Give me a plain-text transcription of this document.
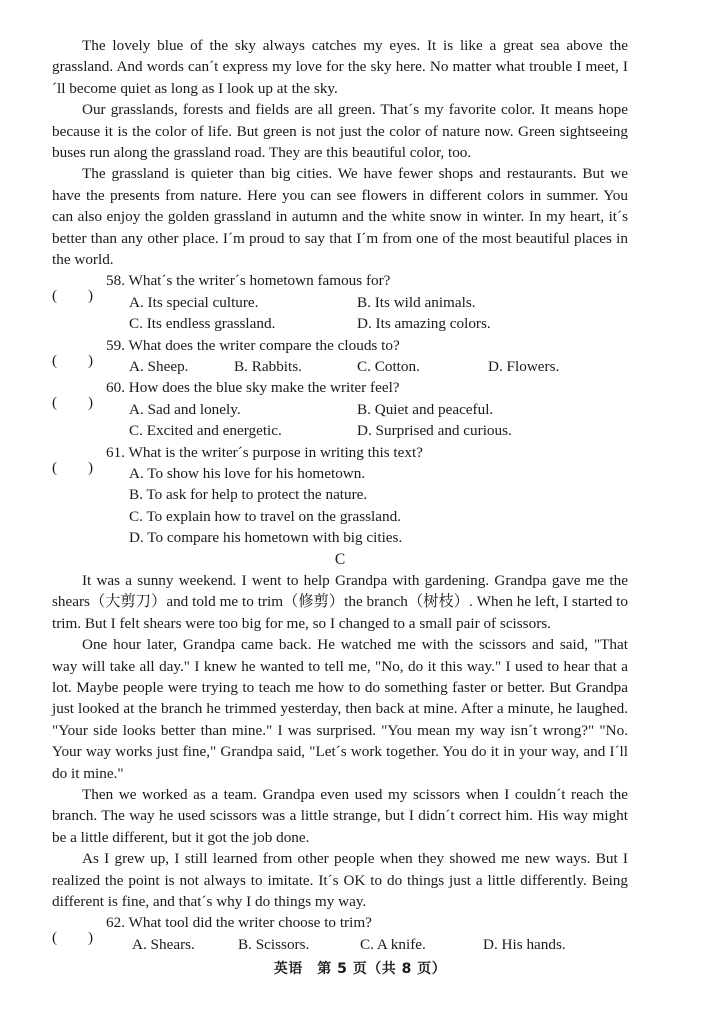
The lovely blue of the sky always catches my eyes. It is like a great sea above the grassland. And words can´t express my love for the sky here. No matter what trouble I meet, I´ll become quiet as long as I look up at the sky.

Our grasslands, forests and fields are all green. That´s my favorite color. It means hope because it is the color of life. But green is not just the color of nature now. Green sightseeing buses run along the grassland road. They are this beautiful color, too.

The grassland is quieter than big cities. We have fewer shops and restaurants. But we have the presents from nature. Here you can see flowers in different colors in summer. You can also enjoy the golden grassland in autumn and the white snow in winter. In my heart, it´s better than any other place. I´m proud to say that I´m from one of the most beautiful places in the world.

( )
58. What´s the writer´s hometown famous for?
A. Its special culture.	B. Its wild animals.
C. Its endless grassland.	D. Its amazing colors.
( )
59. What does the writer compare the clouds to?
A. Sheep.	B. Rabbits.	C. Cotton.	D. Flowers.
( )
60. How does the blue sky make the writer feel?
A. Sad and lonely.	B. Quiet and peaceful.
C. Excited and energetic.	D. Surprised and curious.
( )
61. What is the writer´s purpose in writing this text?
A. To show his love for his hometown.
B. To ask for help to protect the nature.
C. To explain how to travel on the grassland.
D. To compare his hometown with big cities.
C

It was a sunny weekend. I went to help Grandpa with gardening. Grandpa gave me the shears（大剪刀）and told me to trim（修剪）the branch（树枝）. When he left, I started to trim. But I felt shears were too big for me, so I changed to a small pair of scissors.

One hour later, Grandpa came back. He watched me with the scissors and said, "That way will take all day." I knew he wanted to tell me, "No, do it this way." I used to hear that a lot. Maybe people were trying to teach me how to do something faster or better. But Grandpa just looked at the branch he trimmed yesterday, then back at mine. After a minute, he laughed. "Your side looks better than mine." I was surprised. "You mean my way isn´t wrong?" "No. Your way works just fine," Grandpa said, "Let´s work together. You do it in your way, and I´ll do it mine."

Then we worked as a team. Grandpa even used my scissors when I couldn´t reach the branch. The way he used scissors was a little strange, but I didn´t correct him. His way might be a little different, but it got the job done.

As I grew up, I still learned from other people when they showed me new ways. But I realized the point is not always to imitate. It´s OK to do things just a little differently. Being different is fine, and that´s why I do things my way.

( )
62. What tool did the writer choose to trim?
A. Shears.	B. Scissors.	C. A knife.	D. His hands.
英语　第 5 页（共 8 页）
